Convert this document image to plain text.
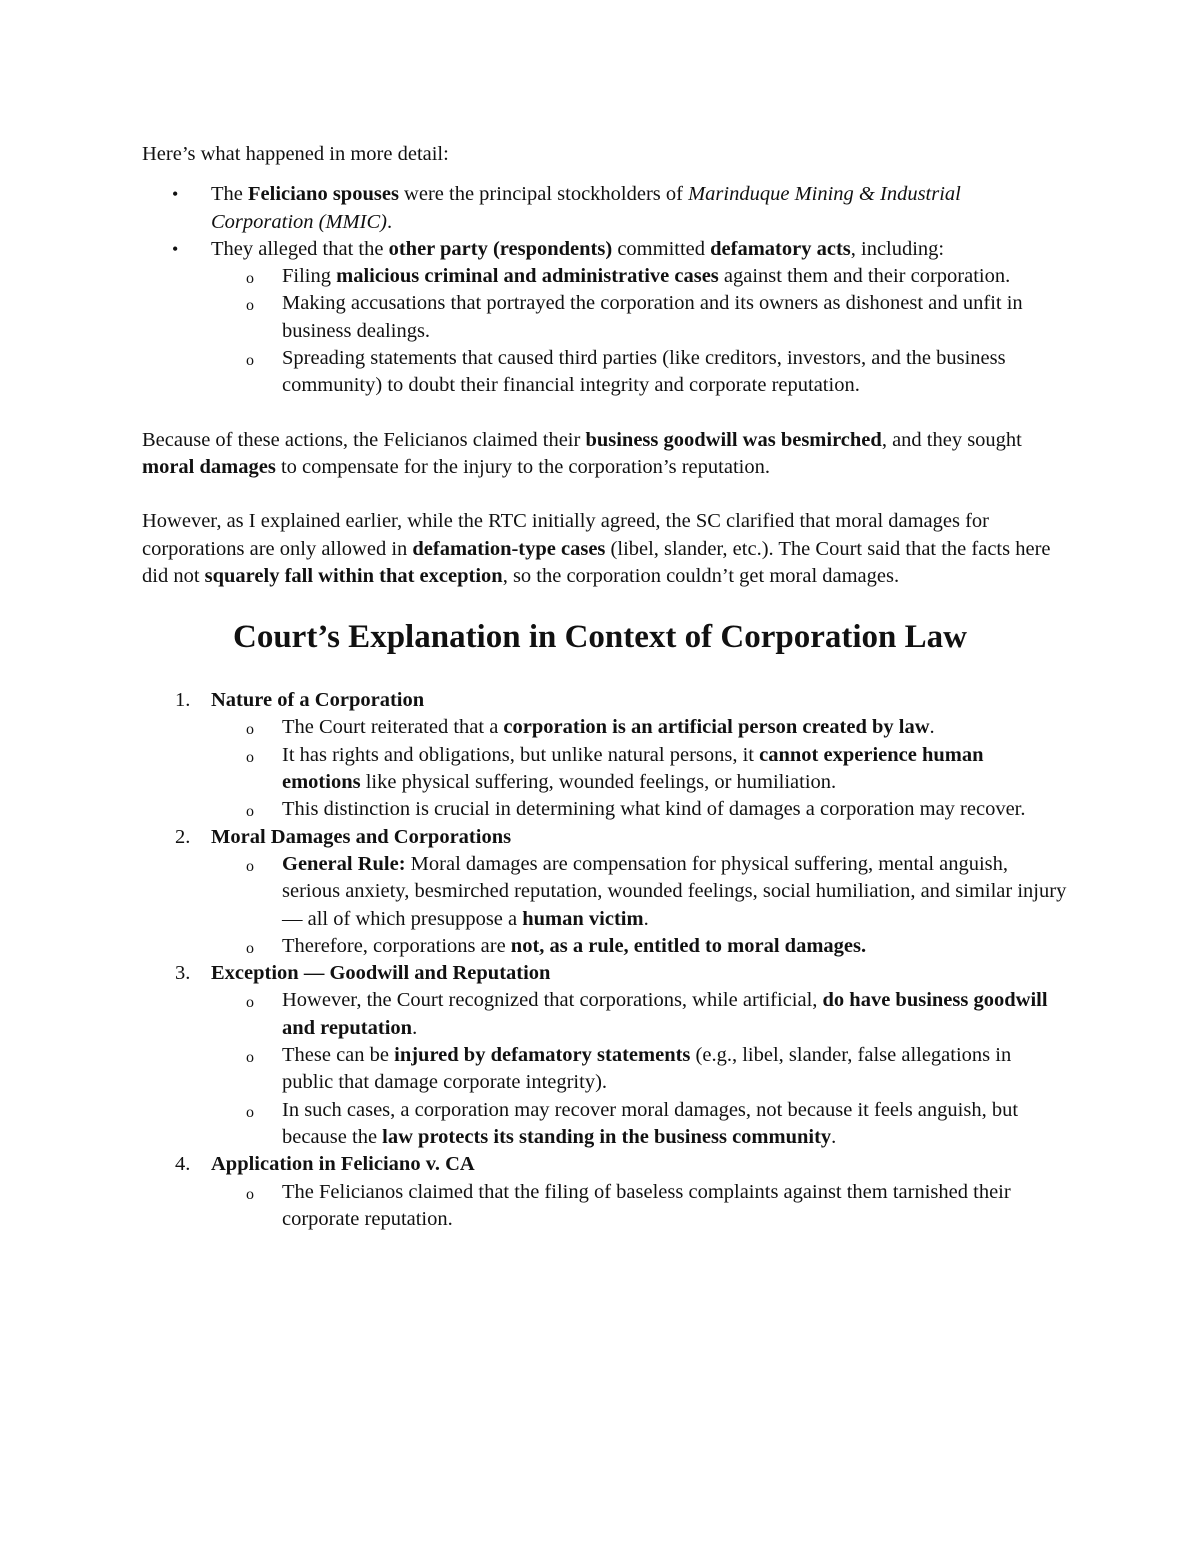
Here’s what happened in more detail:

• The Feliciano spouses were the principal stockholders of Marinduque Mining & Industrial Corporation (MMIC).
• They alleged that the other party (respondents) committed defamatory acts, including:
o Filing malicious criminal and administrative cases against them and their corporation.
o Making accusations that portrayed the corporation and its owners as dishonest and unfit in business dealings.
o Spreading statements that caused third parties (like creditors, investors, and the business community) to doubt their financial integrity and corporate reputation.

Because of these actions, the Felicianos claimed their business goodwill was besmirched, and they sought moral damages to compensate for the injury to the corporation’s reputation.

However, as I explained earlier, while the RTC initially agreed, the SC clarified that moral damages for corporations are only allowed in defamation-type cases (libel, slander, etc.). The Court said that the facts here did not squarely fall within that exception, so the corporation couldn’t get moral damages.

Court’s Explanation in Context of Corporation Law
1. Nature of a Corporation
o The Court reiterated that a corporation is an artificial person created by law.
o It has rights and obligations, but unlike natural persons, it cannot experience human emotions like physical suffering, wounded feelings, or humiliation.
o This distinction is crucial in determining what kind of damages a corporation may recover.
2. Moral Damages and Corporations
o General Rule: Moral damages are compensation for physical suffering, mental anguish, serious anxiety, besmirched reputation, wounded feelings, social humiliation, and similar injury — all of which presuppose a human victim.
o Therefore, corporations are not, as a rule, entitled to moral damages.
3. Exception — Goodwill and Reputation
o However, the Court recognized that corporations, while artificial, do have business goodwill and reputation.
o These can be injured by defamatory statements (e.g., libel, slander, false allegations in public that damage corporate integrity).
o In such cases, a corporation may recover moral damages, not because it feels anguish, but because the law protects its standing in the business community.
4. Application in Feliciano v. CA
o The Felicianos claimed that the filing of baseless complaints against them tarnished their corporate reputation.
